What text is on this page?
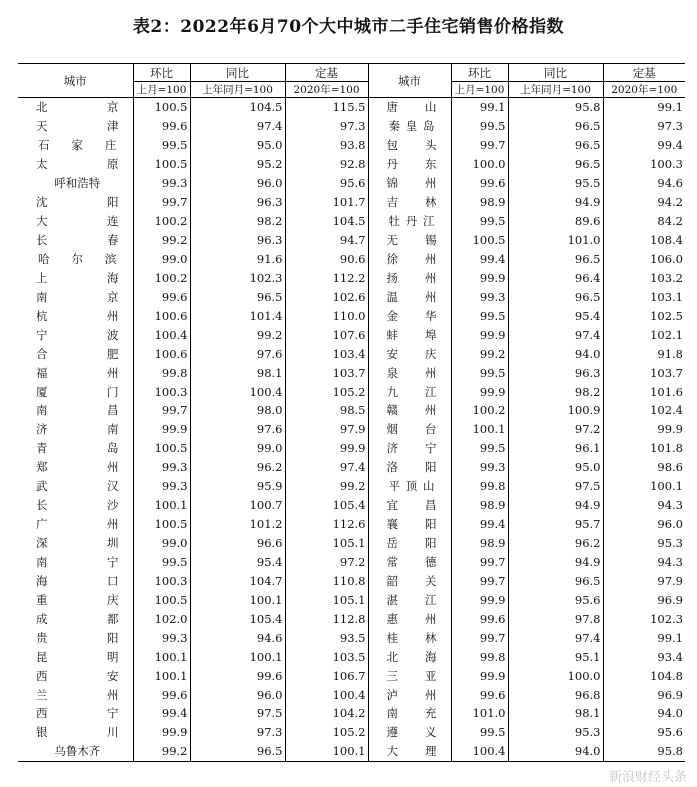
表2：2022年6月70个大中城市二手住宅销售价格指数
城市	环比	同比	定基	城市	环比	同比	定基
	上月=100	上年同月=100	2020年=100		上月=100	上年同月=100	2020年=100

北 京	100.5	104.5	115.5	唐 山	99.1	95.8	99.1

天 津	99.6	97.4	97.3	秦 皇 岛	99.5	96.5	97.3

石 家 庄	99.5	95.0	93.8	包 头	99.7	96.5	99.4

太 原	100.5	95.2	92.8	丹 东	100.0	96.5	100.3

呼和浩特	99.3	96.0	95.6	锦 州	99.6	95.5	94.6

沈 阳	99.7	96.3	101.7	吉 林	98.9	94.9	94.2

大 连	100.2	98.2	104.5	牡 丹 江	99.5	89.6	84.2

长 春	99.2	96.3	94.7	无 锡	100.5	101.0	108.4

哈 尔 滨	99.0	91.6	90.6	徐 州	99.4	96.5	106.0

上 海	100.2	102.3	112.2	扬 州	99.9	96.4	103.2

南 京	99.6	96.5	102.6	温 州	99.3	96.5	103.1

杭 州	100.6	101.4	110.0	金 华	99.5	95.4	102.5

宁 波	100.4	99.2	107.6	蚌 埠	99.9	97.4	102.1

合 肥	100.6	97.6	103.4	安 庆	99.2	94.0	91.8

福 州	99.8	98.1	103.7	泉 州	99.5	96.3	103.7

厦 门	100.3	100.4	105.2	九 江	99.9	98.2	101.6

南 昌	99.7	98.0	98.5	赣 州	100.2	100.9	102.4

济 南	99.9	97.6	97.9	烟 台	100.1	97.2	99.9

青 岛	100.5	99.0	99.9	济 宁	99.5	96.1	101.8

郑 州	99.3	96.2	97.4	洛 阳	99.3	95.0	98.6

武 汉	99.3	95.9	99.2	平 顶 山	99.8	97.5	100.1

长 沙	100.1	100.7	105.4	宜 昌	98.9	94.9	94.3

广 州	100.5	101.2	112.6	襄 阳	99.4	95.7	96.0

深 圳	99.0	96.6	105.1	岳 阳	98.9	96.2	95.3

南 宁	99.5	95.4	97.2	常 德	99.7	94.9	94.3

海 口	100.3	104.7	110.8	韶 关	99.7	96.5	97.9

重 庆	100.5	100.1	105.1	湛 江	99.9	95.6	96.9

成 都	102.0	105.4	112.8	惠 州	99.6	97.8	102.3

贵 阳	99.3	94.6	93.5	桂 林	99.7	97.4	99.1

昆 明	100.1	100.1	103.5	北 海	99.8	95.1	93.4

西 安	100.1	99.6	106.7	三 亚	99.9	100.0	104.8

兰 州	99.6	96.0	100.4	泸 州	99.6	96.8	96.9

西 宁	99.4	97.5	104.2	南 充	101.0	98.1	94.0

银 川	99.9	97.3	105.2	遵 义	99.5	95.3	95.6

乌鲁木齐	99.2	96.5	100.1	大 理	100.4	94.0	95.8
新浪财经头条
